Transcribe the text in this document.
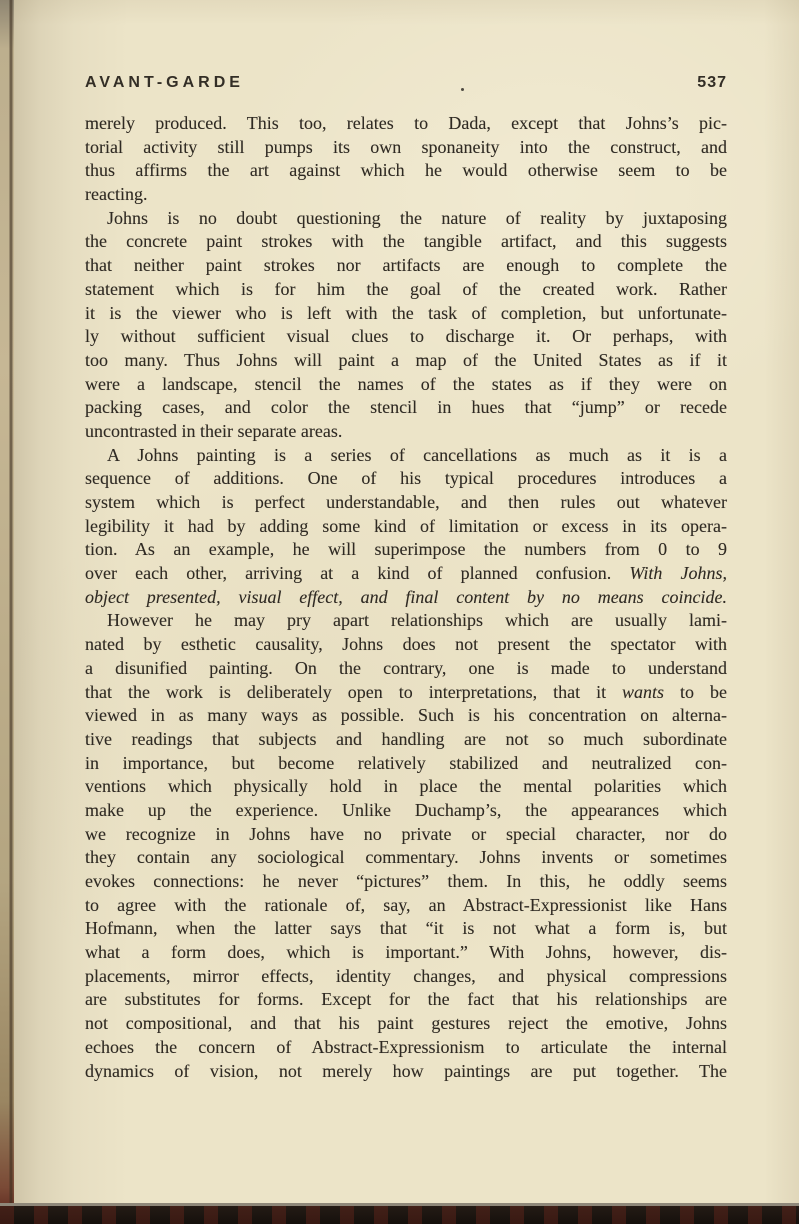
AVANT-GARDE	537
merely produced. This too, relates to Dada, except that Johns’s pic-
torial activity still pumps its own sponaneity into the construct, and
thus affirms the art against which he would otherwise seem to be
reacting.
Johns is no doubt questioning the nature of reality by juxtaposing
the concrete paint strokes with the tangible artifact, and this suggests
that neither paint strokes nor artifacts are enough to complete the
statement which is for him the goal of the created work. Rather
it is the viewer who is left with the task of completion, but unfortunate-
ly without sufficient visual clues to discharge it. Or perhaps, with
too many. Thus Johns will paint a map of the United States as if it
were a landscape, stencil the names of the states as if they were on
packing cases, and color the stencil in hues that “jump” or recede
uncontrasted in their separate areas.
A Johns painting is a series of cancellations as much as it is a
sequence of additions. One of his typical procedures introduces a
system which is perfect understandable, and then rules out whatever
legibility it had by adding some kind of limitation or excess in its opera-
tion. As an example, he will superimpose the numbers from 0 to 9
over each other, arriving at a kind of planned confusion. With Johns,
object presented, visual effect, and final content by no means coincide.
However he may pry apart relationships which are usually lami-
nated by esthetic causality, Johns does not present the spectator with
a disunified painting. On the contrary, one is made to understand
that the work is deliberately open to interpretations, that it wants to be
viewed in as many ways as possible. Such is his concentration on alterna-
tive readings that subjects and handling are not so much subordinate
in importance, but become relatively stabilized and neutralized con-
ventions which physically hold in place the mental polarities which
make up the experience. Unlike Duchamp’s, the appearances which
we recognize in Johns have no private or special character, nor do
they contain any sociological commentary. Johns invents or sometimes
evokes connections: he never “pictures” them. In this, he oddly seems
to agree with the rationale of, say, an Abstract-Expressionist like Hans
Hofmann, when the latter says that “it is not what a form is, but
what a form does, which is important.” With Johns, however, dis-
placements, mirror effects, identity changes, and physical compressions
are substitutes for forms. Except for the fact that his relationships are
not compositional, and that his paint gestures reject the emotive, Johns
echoes the concern of Abstract-Expressionism to articulate the internal
dynamics of vision, not merely how paintings are put together. The
